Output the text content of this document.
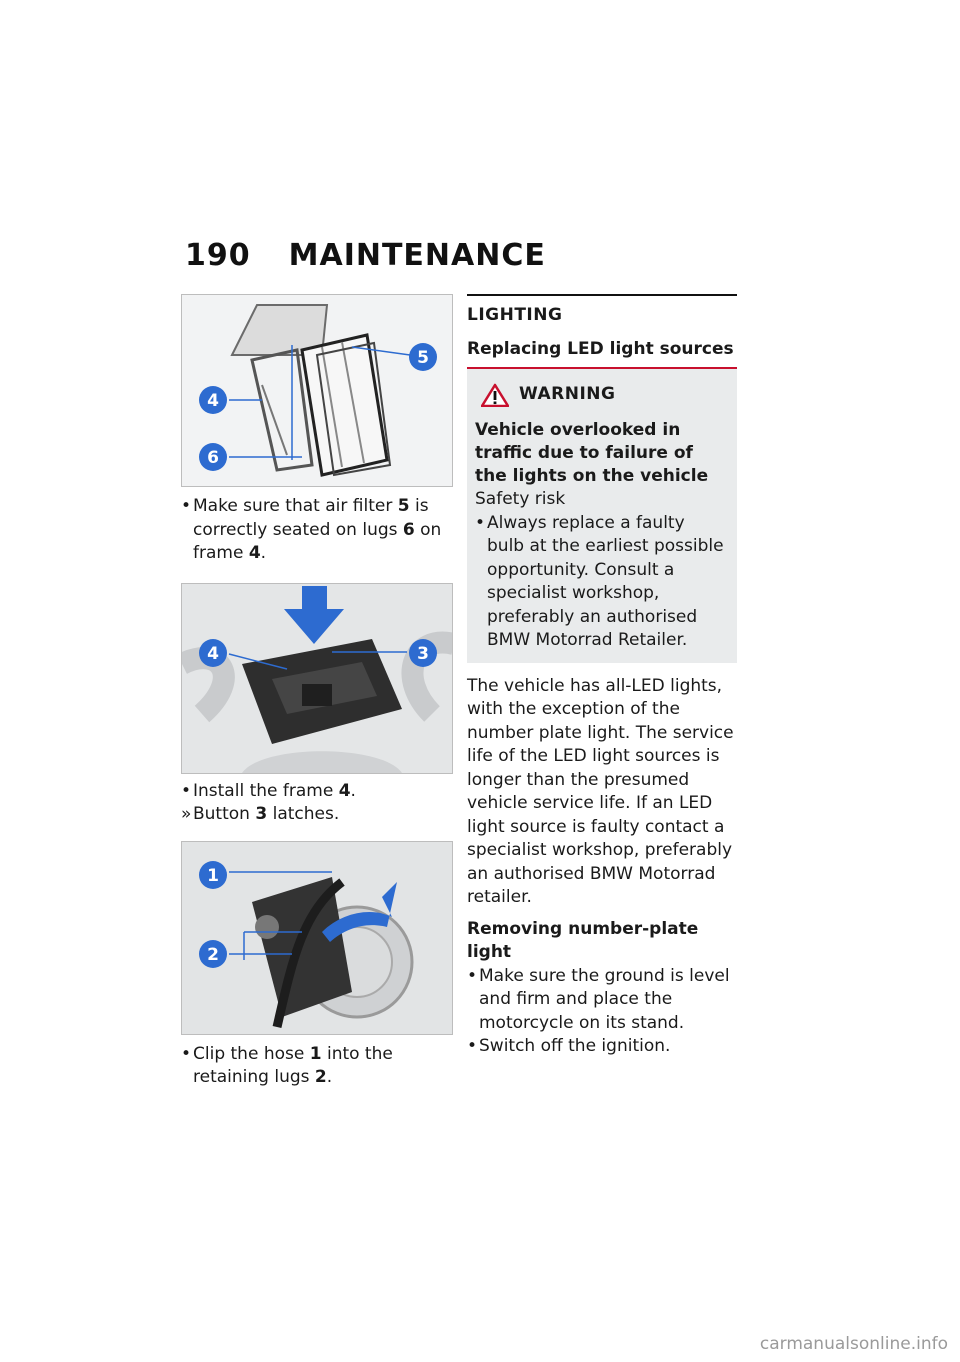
190 MAINTENANCE
4
6
5
• Make sure that air filter 5 is correctly seated on lugs 6 on frame 4.
4	3
• Install the frame 4.
» Button 3 latches.
1
2
• Clip the hose 1 into the retaining lugs 2.
LIGHTING
Replacing LED light sources
WARNING
Vehicle overlooked in traffic due to failure of the lights on the vehicle
Safety risk
• Always replace a faulty bulb at the earliest possible opportunity. Consult a specialist workshop, preferably an authorised BMW Motorrad Retailer.
The vehicle has all-LED lights, with the exception of the number plate light. The service life of the LED light sources is longer than the presumed vehicle service life. If an LED light source is faulty contact a specialist workshop, preferably an authorised BMW Motorrad retailer.
Removing number-plate light
• Make sure the ground is level and firm and place the motorcycle on its stand.
• Switch off the ignition.
carmanualsonline.info
